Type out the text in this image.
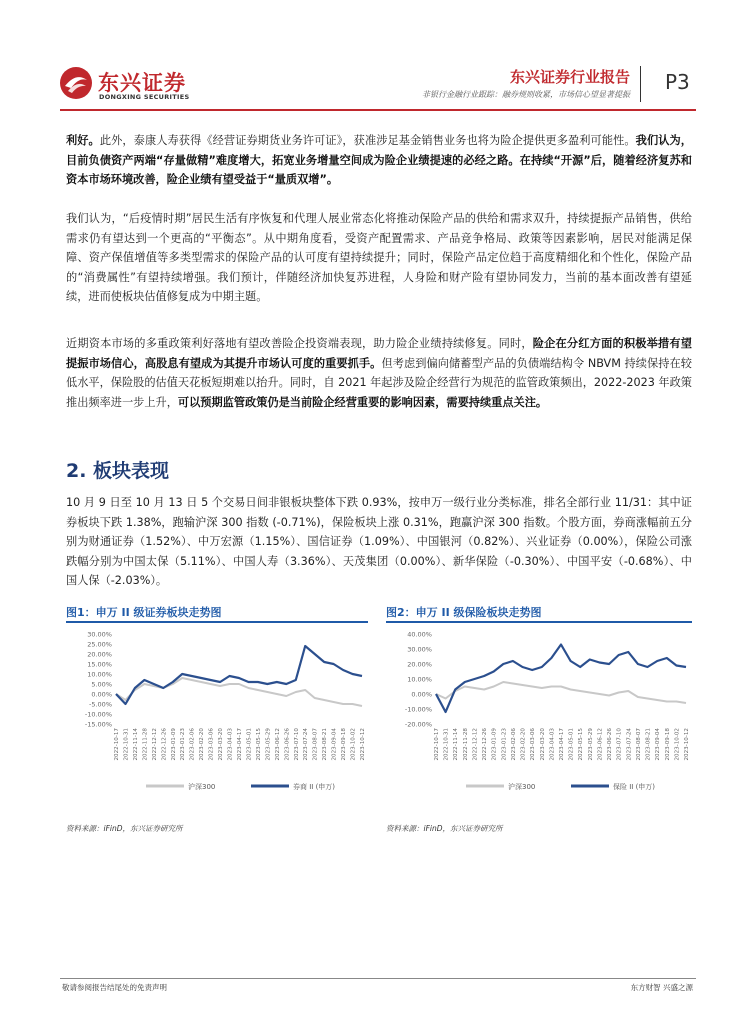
东兴证券
DONGXING SECURITIES
东兴证券行业报告
非银行金融行业跟踪：融券规则收紧，市场信心望显著提振
P3

利好。此外，泰康人寿获得《经营证券期货业务许可证》，获准涉足基金销售业务也将为险企提供更多盈利可能性。我们认为，目前负债资产两端“存量做精”难度增大，拓宽业务增量空间成为险企业绩提速的必经之路。在持续“开源”后，随着经济复苏和资本市场环境改善，险企业绩有望受益于“量质双增”。

我们认为，“后疫情时期”居民生活有序恢复和代理人展业常态化将推动保险产品的供给和需求双升，持续提振产品销售，供给需求仍有望达到一个更高的“平衡态”。从中期角度看，受资产配置需求、产品竞争格局、政策等因素影响，居民对能满足保障、资产保值增值等多类型需求的保险产品的认可度有望持续提升；同时，保险产品定位趋于高度精细化和个性化，保险产品的“消费属性”有望持续增强。我们预计，伴随经济加快复苏进程，人身险和财产险有望协同发力，当前的基本面改善有望延续，进而使板块估值修复成为中期主题。

近期资本市场的多重政策利好落地有望改善险企投资端表现，助力险企业绩持续修复。同时，险企在分红方面的积极举措有望提振市场信心，高股息有望成为其提升市场认可度的重要抓手。但考虑到偏向储蓄型产品的负债端结构令 NBVM 持续保持在较低水平，保险股的估值天花板短期难以抬升。同时，自 2021 年起涉及险企经营行为规范的监管政策频出，2022-2023 年政策推出频率进一步上升，可以预期监管政策仍是当前险企经营重要的影响因素，需要持续重点关注。

2. 板块表现

10 月 9 日至 10 月 13 日 5 个交易日间非银板块整体下跌 0.93%，按申万一级行业分类标准，排名全部行业 11/31：其中证券板块下跌 1.38%，跑输沪深 300 指数 (-0.71%)，保险板块上涨 0.31%，跑赢沪深 300 指数。个股方面，券商涨幅前五分别为财通证券（1.52%）、中万宏源（1.15%）、国信证券（1.09%）、中国银河（0.82%）、兴业证券（0.00%），保险公司涨跌幅分别为中国太保（5.11%）、中国人寿（3.36%）、天茂集团（0.00%）、新华保险（-0.30%）、中国平安（-0.68%）、中国人保（-2.03%）。

图1：申万 II 级证券板块走势图
30.00%
25.00%
20.00%
15.00%
10.00%
5.00%
0.00%
-5.00%
-10.00%
-15.00%
2022-10-17 2022-10-31 2022-11-14 2022-11-28 2022-12-12 2022-12-26 2023-01-09 2023-01-23 2023-02-06 2023-02-20 2023-03-06 2023-03-20 2023-04-03 2023-04-17 2023-05-01 2023-05-15 2023-05-29 2023-06-12 2023-06-26 2023-07-10 2023-07-24 2023-08-07 2023-08-21 2023-09-04 2023-09-18 2023-10-02 2023-10-12
沪深300	券商 II (申万)
资料来源：iFinD，东兴证券研究所
图2：申万 II 级保险板块走势图
40.00%
30.00%
20.00%
10.00%
0.00%
-10.00%
-20.00%
2022-10-17 2022-10-31 2022-11-14 2022-11-28 2022-12-12 2022-12-26 2023-01-09 2023-01-23 2023-02-06 2023-02-20 2023-03-06 2023-03-20 2023-04-03 2023-04-17 2023-05-01 2023-05-15 2023-05-29 2023-06-12 2023-06-26 2023-07-10 2023-07-24 2023-08-07 2023-08-21 2023-09-04 2023-09-18 2023-10-02 2023-10-12
沪深300	保险 II (申万)
资料来源：iFinD，东兴证券研究所
敬请参阅报告结尾处的免责声明	东方财智 兴盛之源
